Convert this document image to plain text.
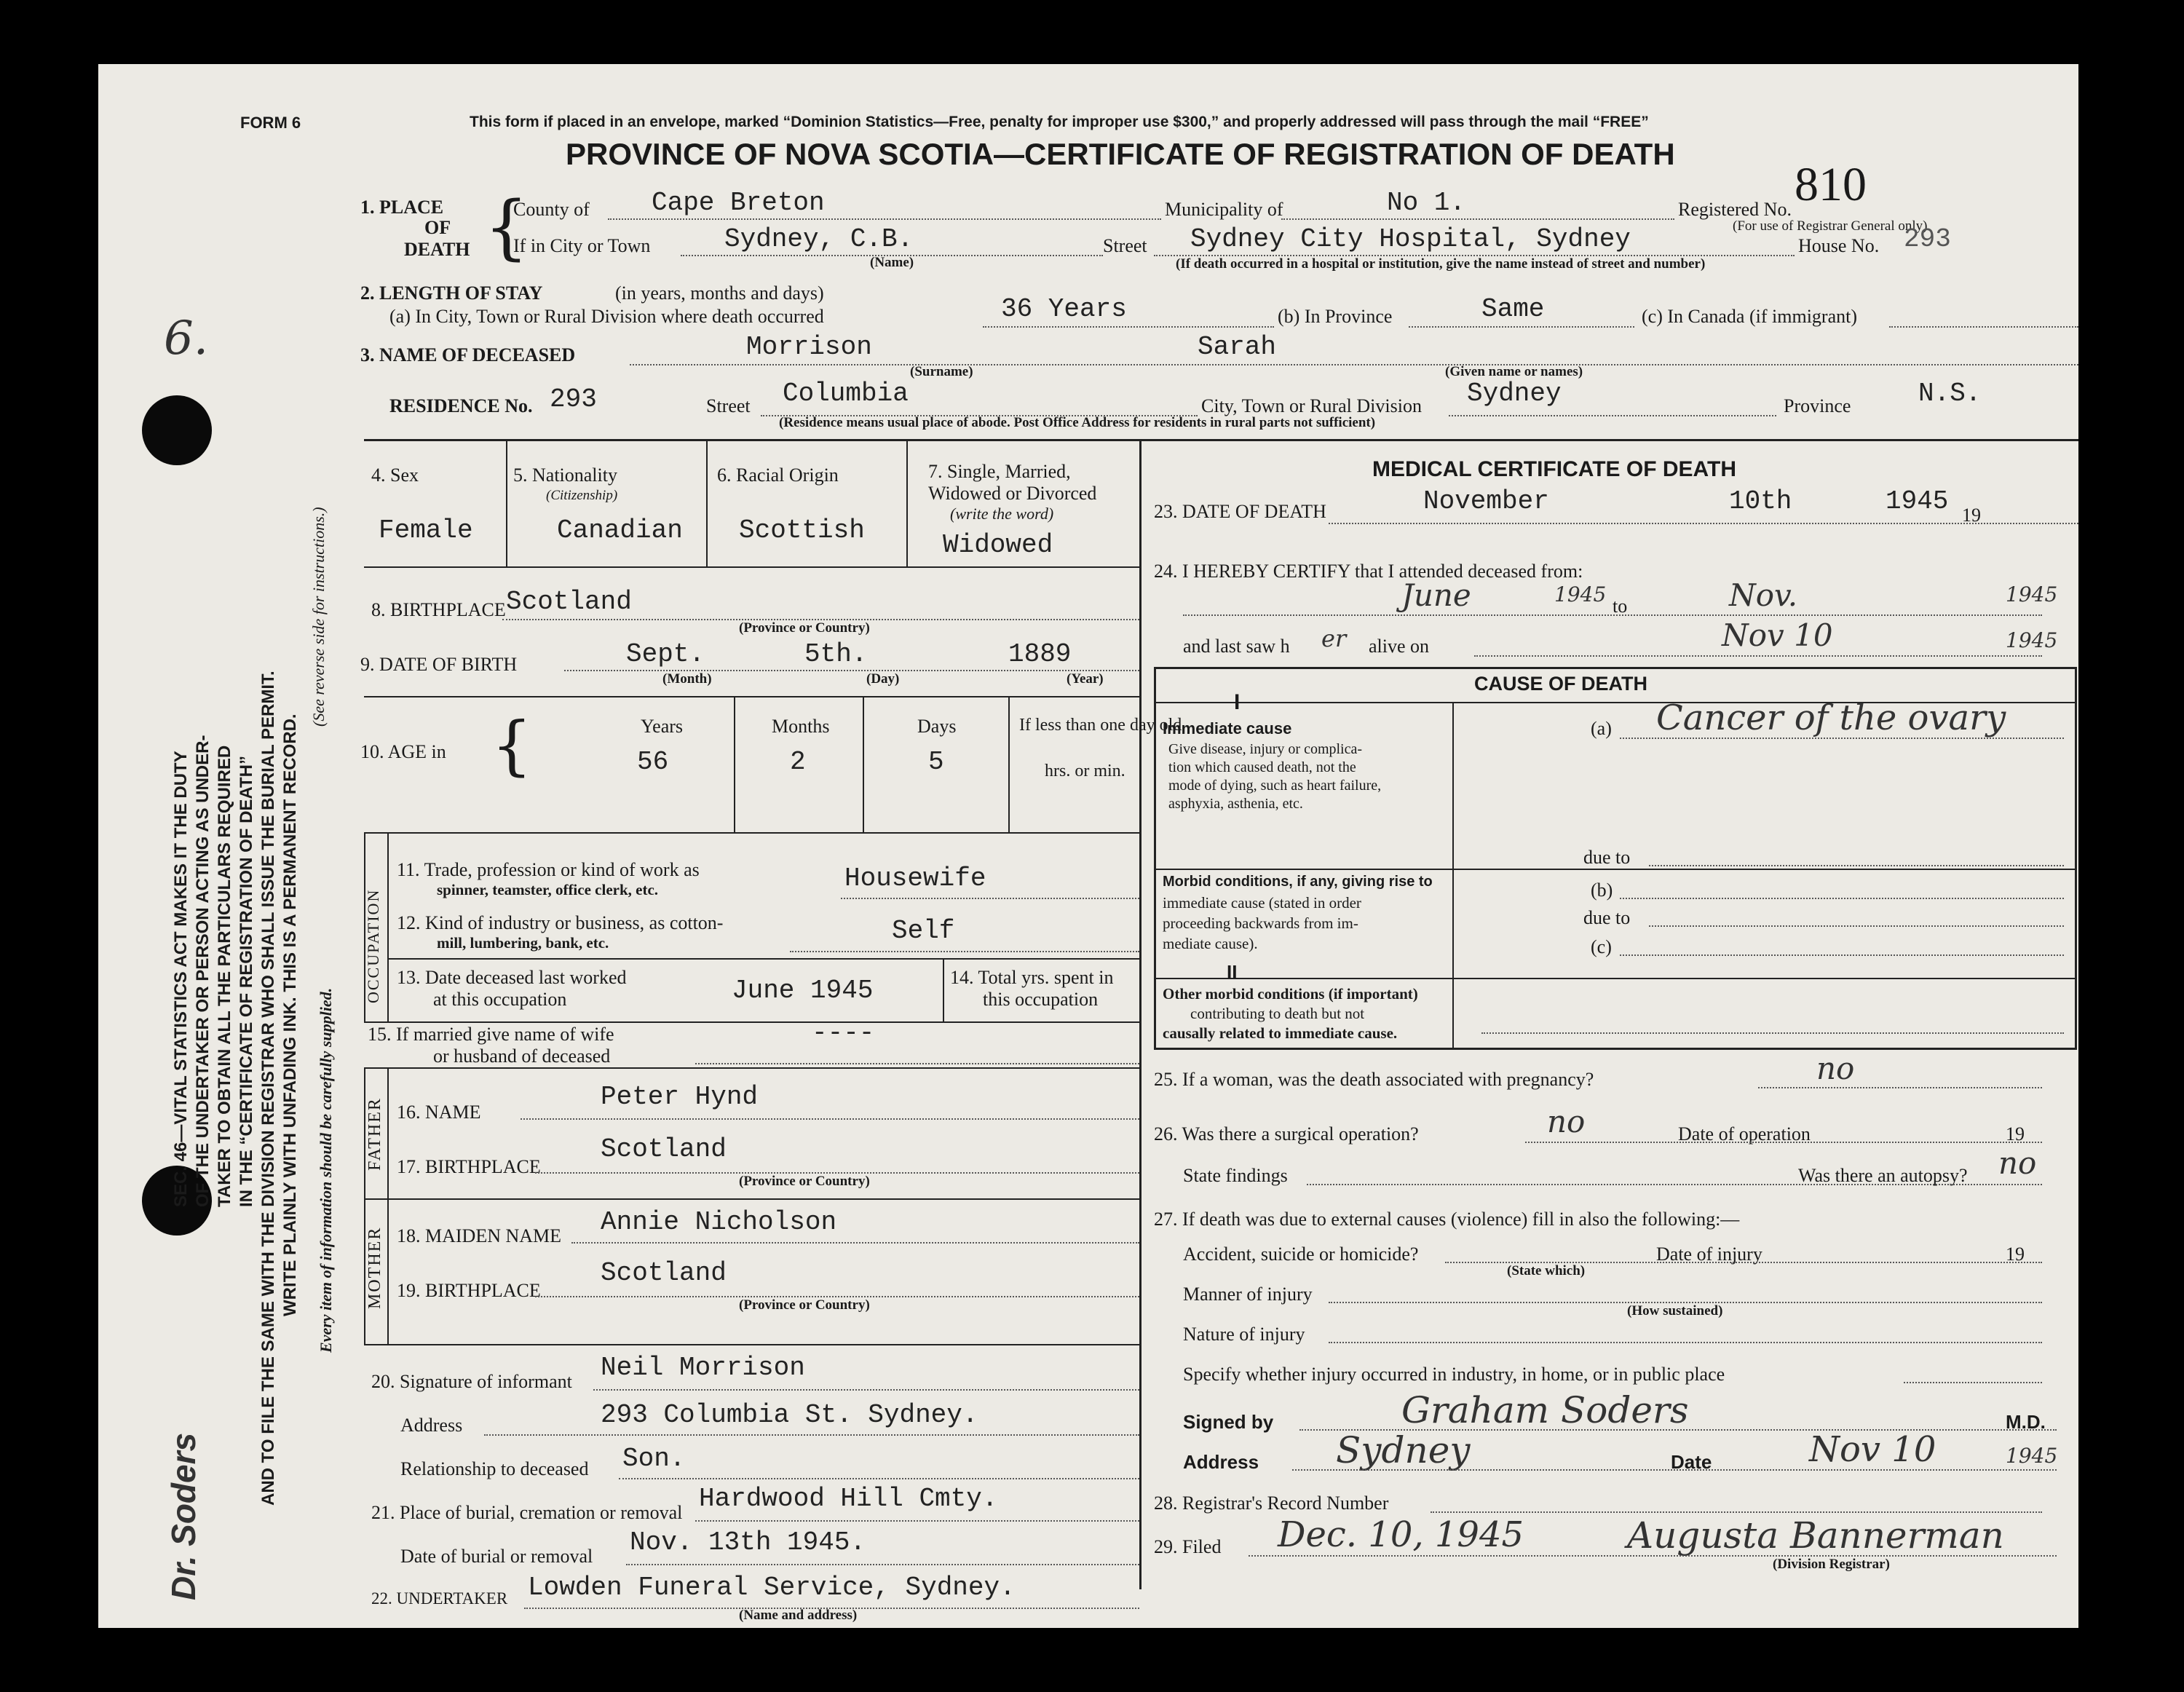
6.
Dr. Soders
SEC. 46—VITAL STATISTICS ACT MAKES IT THE DUTY OF THE UNDERTAKER OR PERSON ACTING AS UNDER- TAKER TO OBTAIN ALL THE PARTICULARS REQUIRED IN THE “CERTIFICATE OF REGISTRATION OF DEATH” AND TO FILE THE SAME WITH THE DIVISION REGISTRAR WHO SHALL ISSUE THE BURIAL PERMIT. WRITE PLAINLY WITH UNFADING INK. THIS IS A PERMANENT RECORD.
(See reverse side for instructions.)
Every item of information should be carefully supplied.
FORM 6	This form if placed in an envelope, marked “Dominion Statistics—Free, penalty for improper use $300,” and properly addressed will pass through the mail “FREE”
PROVINCE OF NOVA SCOTIA—CERTIFICATE OF REGISTRATION OF DEATH
1. PLACE
OF
DEATH {
County of Cape Breton	Municipality of	No 1.	Registered No. 810
(For use of Registrar General only)
If in City or Town	Sydney, C.B.
(Name)
Street Sydney City Hospital, Sydney	House No. 293
(If death occurred in a hospital or institution, give the name instead of street and number)
2. LENGTH OF STAY	(in years, months and days)
(a) In City, Town or Rural Division where death occurred	36 Years	(b) In Province	Same	(c) In Canada (if immigrant)
3. NAME OF DECEASED	Morrison	Sarah
(Surname)	(Given name or names)
RESIDENCE No. 293	Street Columbia	City, Town or Rural Division Sydney	Province	N.S.
(Residence means usual place of abode. Post Office Address for residents in rural parts not sufficient)
4. Sex
Female
5. Nationality
(Citizenship)
Canadian
6. Racial Origin
Scottish
7. Single, Married,
Widowed or Divorced
(write the word)
Widowed
8. BIRTHPLACE Scotland
(Province or Country)
9. DATE OF BIRTH	Sept.	5th.	1889
(Month)	(Day)	(Year)
10. AGE in {	Years	Months	Days	If less than one day old
56	2	5	hrs. or min.
OCCUPATION
11. Trade, profession or kind of work as
spinner, teamster, office clerk, etc.	Housewife
12. Kind of industry or business, as cotton-
mill, lumbering, bank, etc.	Self
13. Date deceased last worked
at this occupation	June 1945	14. Total yrs. spent in
this occupation
15. If married give name of wife
or husband of deceased
----
FATHER
MOTHER
16. NAME
Peter Hynd
17. BIRTHPLACE
Scotland
(Province or Country)
18. MAIDEN NAME Annie Nicholson
19. BIRTHPLACE
Scotland
(Province or Country)
20. Signature of informant Neil Morrison
Address	293 Columbia St. Sydney.
Relationship to deceased Son.
21. Place of burial, cremation or removal Hardwood Hill Cmty.
Date of burial or removal Nov. 13th 1945.
22. UNDERTAKER Lowden Funeral Service, Sydney.
(Name and address)
MEDICAL CERTIFICATE OF DEATH
23. DATE OF DEATH	November	10th	1945 19
24. I HEREBY CERTIFY that I attended deceased from:
June	1945 to	Nov.	1945
and last saw h er alive on	Nov 10	1945
CAUSE OF DEATH
I
Immediate cause
Give disease, injury or complica-
tion which caused death, not the
mode of dying, such as heart failure,
asphyxia, asthenia, etc.
(a) Cancer of the ovary
due to
Morbid conditions, if any, giving rise to
immediate cause (stated in order
proceeding backwards from im-
mediate cause).
(b)
due to
(c)
II
Other morbid conditions (if important)
contributing to death but not
causally related to immediate cause.
25. If a woman, was the death associated with pregnancy?	no
26. Was there a surgical operation?	no	Date of operation	19
State findings	Was there an autopsy? no
27. If death was due to external causes (violence) fill in also the following:—
Accident, suicide or homicide?	Date of injury	19
(State which)
Manner of injury
(How sustained)
Nature of injury
Specify whether injury occurred in industry, in home, or in public place
Signed by	Graham Soders	M.D.
Address Sydney	Date	Nov 10	1945
28. Registrar's Record Number
29. Filed Dec. 10, 1945	Augusta Bannerman
(Division Registrar)
